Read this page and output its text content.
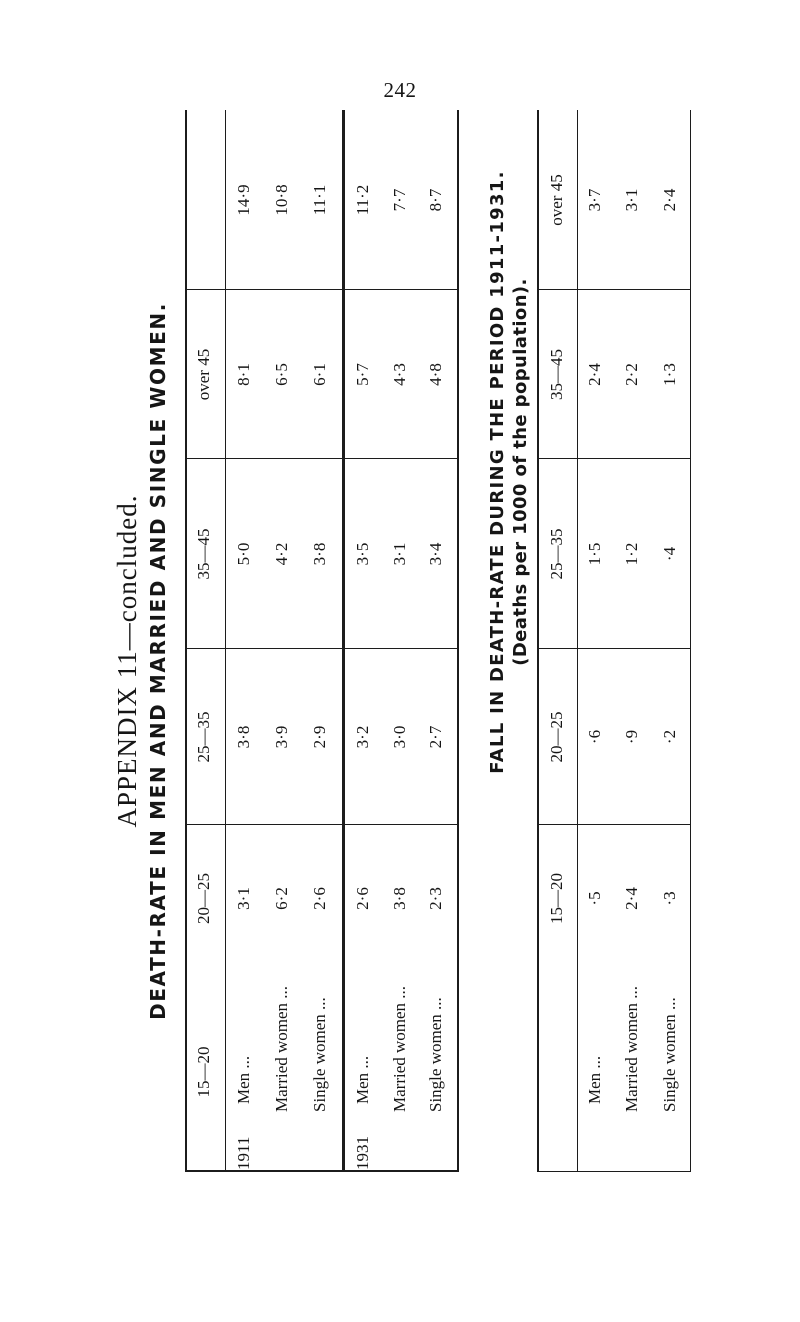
242
APPENDIX 11—concluded. DEATH-RATE IN MEN AND MARRIED AND SINGLE WOMEN.
15—20
20—25
25—35
35—45
over 45
1911
Men ... Married women ... Single women ...
1931
Men ... Married women ... Single women ...
3·1
3·8
5·0
8·1
14·9
6·2
3·9
4·2
6·5
10·8
2·6
2·9
3·8
6·1
11·1
2·6
3·2
3·5
5·7
11·2
3·8
3·0
3·1
4·3
7·7
2·3
2·7
3·4
4·8
8·7 FALL IN DEATH-RATE DURING THE PERIOD 1911-1931. (Deaths per 1000 of the population).
15—20
20—25
25—35
35—45
over 45
Men ... Married women ... Single women ...
·5
·6
1·5
2·4
3·7
2·4
·9
1·2
2·2
3·1
·3
·2
·4
1·3
2·4
